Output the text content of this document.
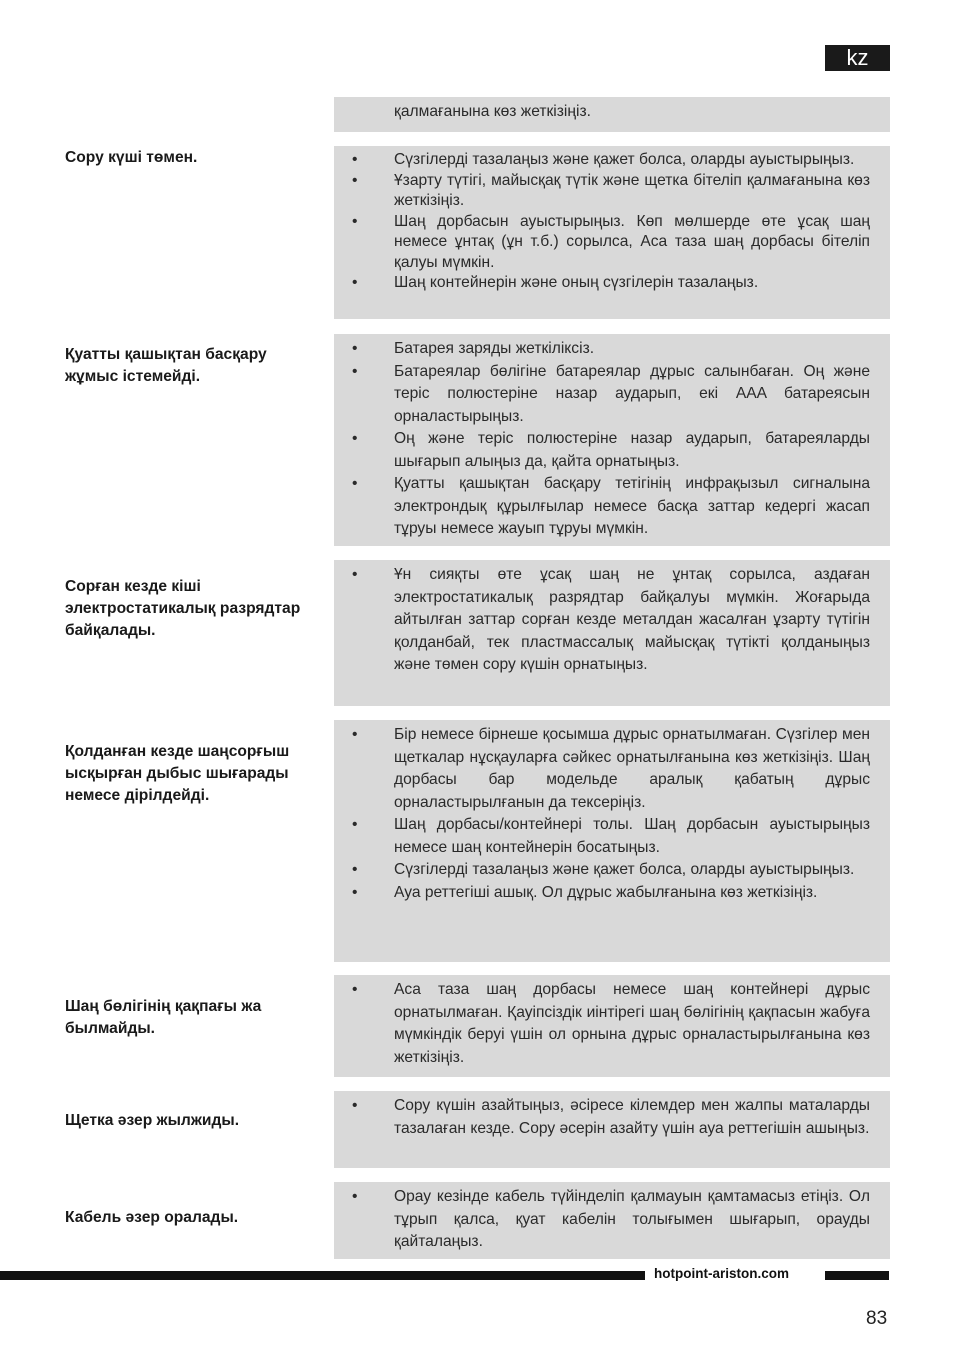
kz
қалмағанына көз жеткізіңіз.
Сору күші төмен.	• Сүзгілерді тазалаңыз және қажет болса, оларды ауыстырыңыз.
• Ұзарту түтігі, майысқақ түтік және щетка бітеліп қалмағанына көз жеткізіңіз.
• Шаң дорбасын ауыстырыңыз. Көп мөлшерде өте ұсақ шаң немесе ұнтақ (ұн т.б.) сорылса, Аса таза шаң дорбасы бітеліп қалуы мүмкін.
• Шаң контейнерін және оның сүзгілерін тазалаңыз.
Қуатты қашықтан басқару жұмыс істемейді.
• Батарея заряды жеткіліксіз.
• Батареялар бөлігіне батареялар дұрыс салынбаған. Оң және теріс полюстеріне назар аударып, екі AAA батареясын орналастырыңыз.
• Оң және теріс полюстеріне назар аударып, батареяларды шығарып алыңыз да, қайта орнатыңыз.
• Қуатты қашықтан басқару тетігінің инфрақызыл сигналына электрондық құрылғылар немесе басқа заттар кедергі жасап тұруы немесе жауып тұруы мүмкін.
Сорған кезде кіші электростатикалық разрядтар байқалады.
• Ұн сияқты өте ұсақ шаң не ұнтақ сорылса, аздаған электростатикалық разрядтар байқалуы мүмкін. Жоғарыда айтылған заттар сорған кезде металдан жасалған ұзарту түтігін қолданбай, тек пластмассалық майысқақ түтікті қолданыңыз және төмен сору күшін орнатыңыз.
Қолданған кезде шаңсорғыш ысқырған дыбыс шығарады немесе дірілдейді.
• Бір немесе бірнеше қосымша дұрыс орнатылмаған. Сүзгілер мен щеткалар нұсқауларға сәйкес орнатылғанына көз жеткізіңіз. Шаң дорбасы бар модельде аралық қабатың дұрыс орналастырылғанын да тексеріңіз.
• Шаң дорбасы/контейнері толы. Шаң дорбасын ауыстырыңыз немесе шаң контейнерін босатыңыз.
• Сүзгілерді тазалаңыз және қажет болса, оларды ауыстырыңыз.
• Ауа реттегіші ашық. Ол дұрыс жабылғанына көз жеткізіңіз.
Шаң бөлігінің қақпағы жа былмайды.
• Аса таза шаң дорбасы немесе шаң контейнері дұрыс орнатылмаған. Қауіпсіздік иінтірегі шаң бөлігінің қақпасын жабуға мүмкіндік беруі үшін ол орнына дұрыс орналастырылғанына көз жеткізіңіз.
Щетка әзер жылжиды.
• Сору күшін азайтыңыз, әсіресе кілемдер мен жалпы маталарды тазалаған кезде. Сору әсерін азайту үшін ауа реттегішін ашыңыз.
Кабель әзер оралады.
• Орау кезінде кабель түйінделіп қалмауын қамтамасыз етіңіз. Ол тұрып қалса, қуат кабелін толығымен шығарып, орауды қайталаңыз.
hotpoint-ariston.com
83
